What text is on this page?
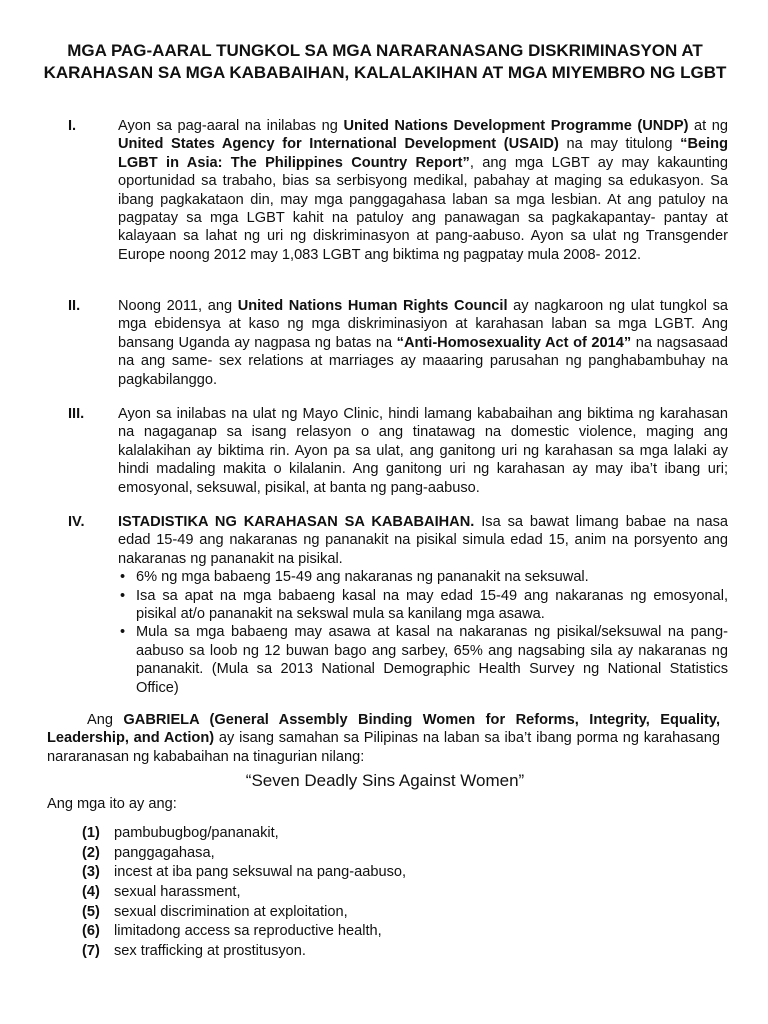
MGA PAG-AARAL TUNGKOL SA MGA NARARANASANG DISKRIMINASYON AT KARAHASAN SA MGA KABABAIHAN, KALALAKIHAN AT MGA MIYEMBRO NG LGBT
I.	Ayon sa pag-aaral na inilabas ng United Nations Development Programme (UNDP) at ng United States Agency for International Development (USAID) na may titulong “Being LGBT in Asia: The Philippines Country Report”, ang mga LGBT ay may kakaunting oportunidad sa trabaho, bias sa serbisyong medikal, pabahay at maging sa edukasyon. Sa ibang pagkakataon din, may mga panggagahasa laban sa mga lesbian. At ang patuloy na pagpatay sa mga LGBT kahit na patuloy ang panawagan sa pagkakapantay- pantay at kalayaan sa lahat ng uri ng diskriminasyon at pang-aabuso. Ayon sa ulat ng Transgender Europe noong 2012 may 1,083 LGBT ang biktima ng pagpatay mula 2008- 2012.
II.	Noong 2011, ang United Nations Human Rights Council ay nagkaroon ng ulat tungkol sa mga ebidensya at kaso ng mga diskriminasiyon at karahasan laban sa mga LGBT. Ang bansang Uganda ay nagpasa ng batas na “Anti-Homosexuality Act of 2014” na nagsasaad na ang same- sex relations at marriages ay maaaring parusahan ng panghabambuhay na pagkabilanggo.
III.	Ayon sa inilabas na ulat ng Mayo Clinic, hindi lamang kababaihan ang biktima ng karahasan na nagaganap sa isang relasyon o ang tinatawag na domestic violence, maging ang kalalakihan ay biktima rin. Ayon pa sa ulat, ang ganitong uri ng karahasan sa mga lalaki ay hindi madaling makita o kilalanin. Ang ganitong uri ng karahasan ay may iba’t ibang uri; emosyonal, seksuwal, pisikal, at banta ng pang-aabuso.
IV.	ISTADISTIKA NG KARAHASAN SA KABABAIHAN. Isa sa bawat limang babae na nasa edad 15-49 ang nakaranas ng pananakit na pisikal simula edad 15, anim na porsyento ang nakaranas ng pananakit na pisikal.
• 6% ng mga babaeng 15-49 ang nakaranas ng pananakit na seksuwal.
• Isa sa apat na mga babaeng kasal na may edad 15-49 ang nakaranas ng emosyonal, pisikal at/o pananakit na sekswal mula sa kanilang mga asawa.
• Mula sa mga babaeng may asawa at kasal na nakaranas ng pisikal/seksuwal na pang-aabuso sa loob ng 12 buwan bago ang sarbey, 65% ang nagsabing sila ay nakaranas ng pananakit. (Mula sa 2013 National Demographic Health Survey ng National Statistics Office)
Ang GABRIELA (General Assembly Binding Women for Reforms, Integrity, Equality, Leadership, and Action) ay isang samahan sa Pilipinas na laban sa iba’t ibang porma ng karahasang nararanasan ng kababaihan na tinagurian nilang:
“Seven Deadly Sins Against Women”
Ang mga ito ay ang:
(1) pambubugbog/pananakit,
(2) panggagahasa,
(3) incest at iba pang seksuwal na pang-aabuso,
(4) sexual harassment,
(5) sexual discrimination at exploitation,
(6) limitadong access sa reproductive health,
(7) sex trafficking at prostitusyon.
